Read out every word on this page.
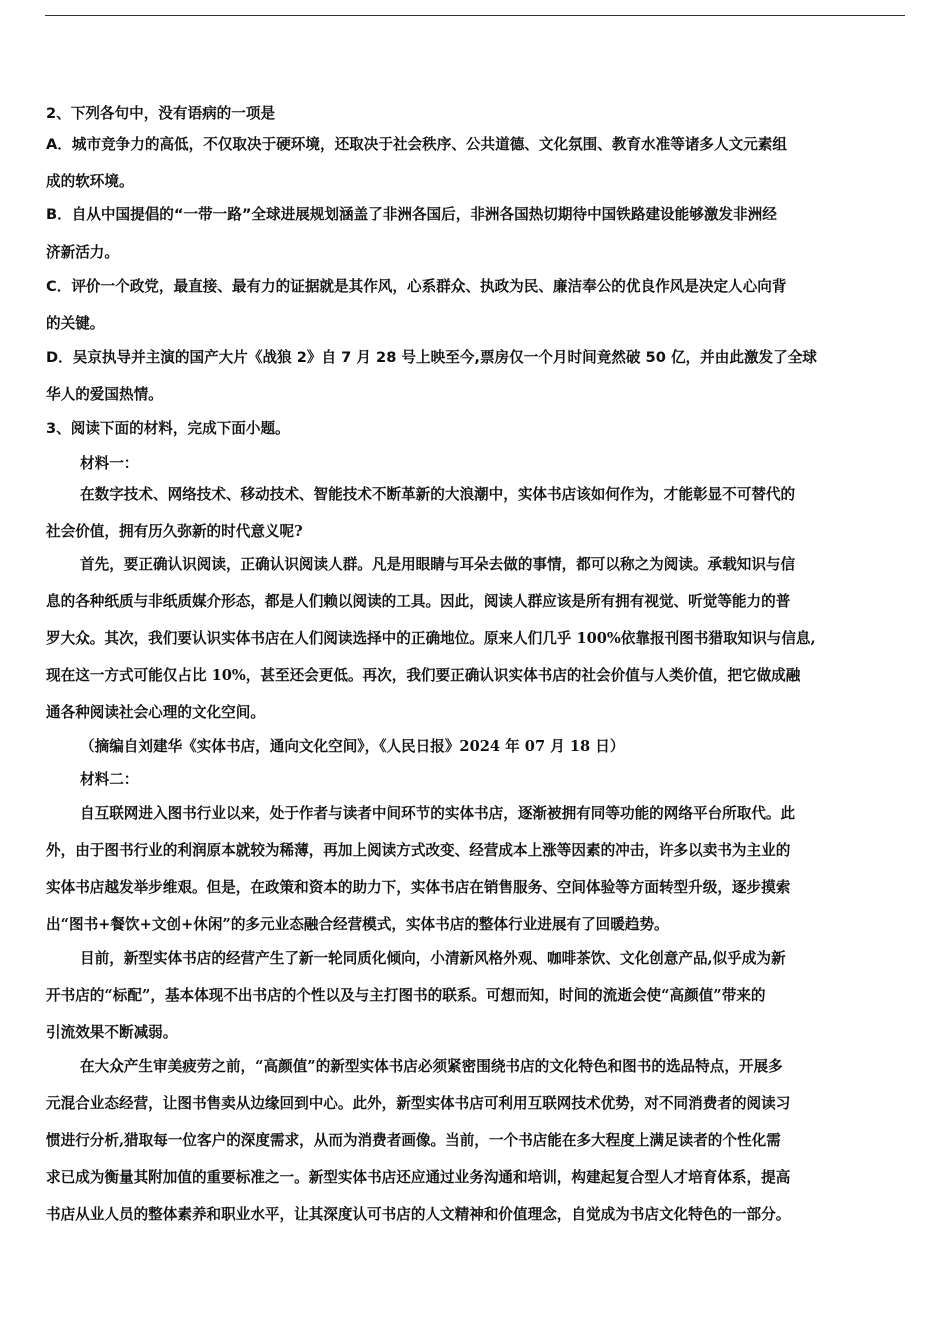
2、下列各句中，没有语病的一项是
A．城市竞争力的高低，不仅取决于硬环境，还取决于社会秩序、公共道德、文化氛围、教育水准等诸多人文元素组
成的软环境。
B．自从中国提倡的“一带一路”全球进展规划涵盖了非洲各国后，非洲各国热切期待中国铁路建设能够激发非洲经
济新活力。
C．评价一个政党，最直接、最有力的证据就是其作风，心系群众、执政为民、廉洁奉公的优良作风是决定人心向背
的关键。
D．吴京执导并主演的国产大片《战狼 2》自 7 月 28 号上映至今,票房仅一个月时间竟然破 50 亿，并由此激发了全球
华人的爱国热情。
3、阅读下面的材料，完成下面小题。
材料一：
在数字技术、网络技术、移动技术、智能技术不断革新的大浪潮中，实体书店该如何作为，才能彰显不可替代的
社会价值，拥有历久弥新的时代意义呢?
首先，要正确认识阅读，正确认识阅读人群。凡是用眼睛与耳朵去做的事情，都可以称之为阅读。承载知识与信
息的各种纸质与非纸质媒介形态，都是人们赖以阅读的工具。因此，阅读人群应该是所有拥有视觉、听觉等能力的普
罗大众。其次，我们要认识实体书店在人们阅读选择中的正确地位。原来人们几乎 100%依靠报刊图书猎取知识与信息,
现在这一方式可能仅占比 10%，甚至还会更低。再次，我们要正确认识实体书店的社会价值与人类价值，把它做成融
通各种阅读社会心理的文化空间。
（摘编自刘建华《实体书店，通向文化空间》，《人民日报》2024 年 07 月 18 日）
材料二：
自互联网进入图书行业以来，处于作者与读者中间环节的实体书店，逐渐被拥有同等功能的网络平台所取代。此
外，由于图书行业的利润原本就较为稀薄，再加上阅读方式改变、经营成本上涨等因素的冲击，许多以卖书为主业的
实体书店越发举步维艰。但是，在政策和资本的助力下，实体书店在销售服务、空间体验等方面转型升级，逐步摸索
出“图书+餐饮+文创+休闲”的多元业态融合经营模式，实体书店的整体行业进展有了回暖趋势。
目前，新型实体书店的经营产生了新一轮同质化倾向，小清新风格外观、咖啡茶饮、文化创意产品,似乎成为新
开书店的“标配”，基本体现不出书店的个性以及与主打图书的联系。可想而知，时间的流逝会使“高颜值”带来的
引流效果不断减弱。
在大众产生审美疲劳之前，“高颜值”的新型实体书店必须紧密围绕书店的文化特色和图书的选品特点，开展多
元混合业态经营，让图书售卖从边缘回到中心。此外，新型实体书店可利用互联网技术优势，对不同消费者的阅读习
惯进行分析,猎取每一位客户的深度需求，从而为消费者画像。当前，一个书店能在多大程度上满足读者的个性化需
求已成为衡量其附加值的重要标准之一。新型实体书店还应通过业务沟通和培训，构建起复合型人才培育体系，提高
书店从业人员的整体素养和职业水平，让其深度认可书店的人文精神和价值理念，自觉成为书店文化特色的一部分。
